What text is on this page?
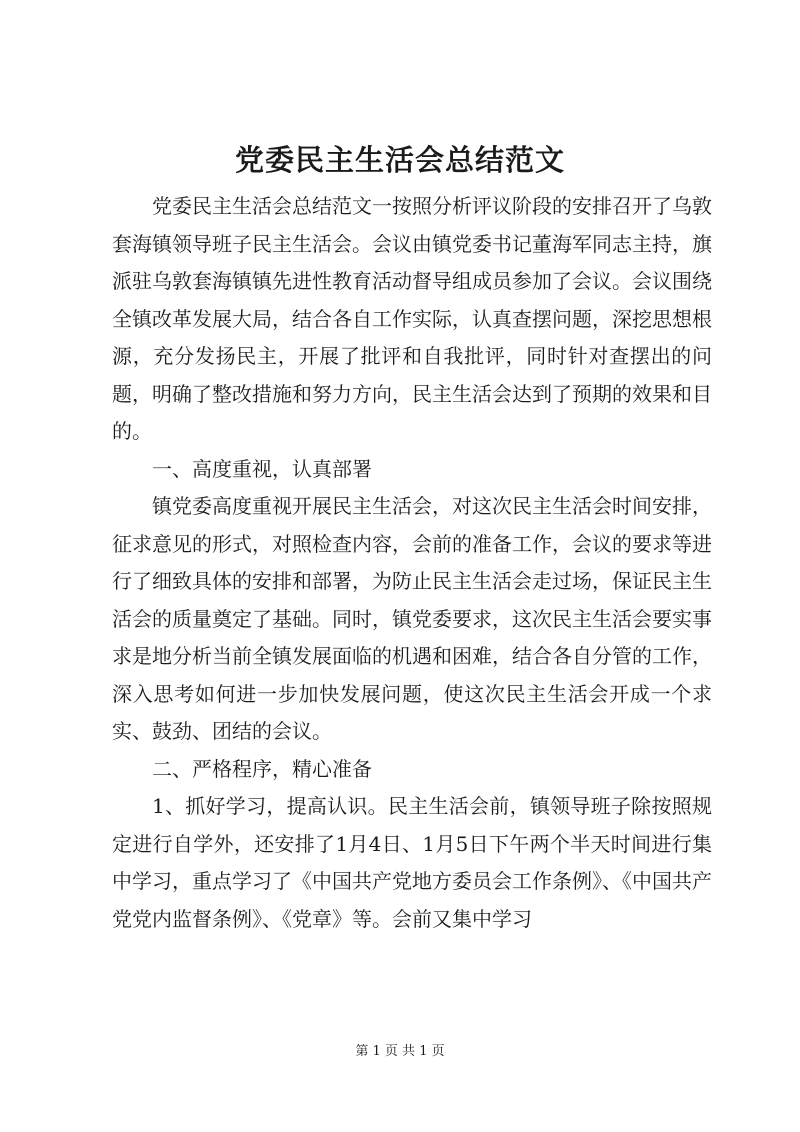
党委民主生活会总结范文

党委民主生活会总结范文一按照分析评议阶段的安排召开了乌敦套海镇领导班子民主生活会。会议由镇党委书记董海军同志主持，旗派驻乌敦套海镇镇先进性教育活动督导组成员参加了会议。会议围绕全镇改革发展大局，结合各自工作实际，认真查摆问题，深挖思想根源，充分发扬民主，开展了批评和自我批评，同时针对查摆出的问题，明确了整改措施和努力方向，民主生活会达到了预期的效果和目的。

一、高度重视，认真部署

镇党委高度重视开展民主生活会，对这次民主生活会时间安排，征求意见的形式，对照检查内容，会前的准备工作，会议的要求等进行了细致具体的安排和部署，为防止民主生活会走过场，保证民主生活会的质量奠定了基础。同时，镇党委要求，这次民主生活会要实事求是地分析当前全镇发展面临的机遇和困难，结合各自分管的工作，深入思考如何进一步加快发展问题，使这次民主生活会开成一个求实、鼓劲、团结的会议。

二、严格程序，精心准备

1、抓好学习，提高认识。民主生活会前，镇领导班子除按照规定进行自学外，还安排了1月4日、1月5日下午两个半天时间进行集中学习，重点学习了《中国共产党地方委员会工作条例》、《中国共产党党内监督条例》、《党章》等。会前又集中学习

第 1 页 共 1 页
